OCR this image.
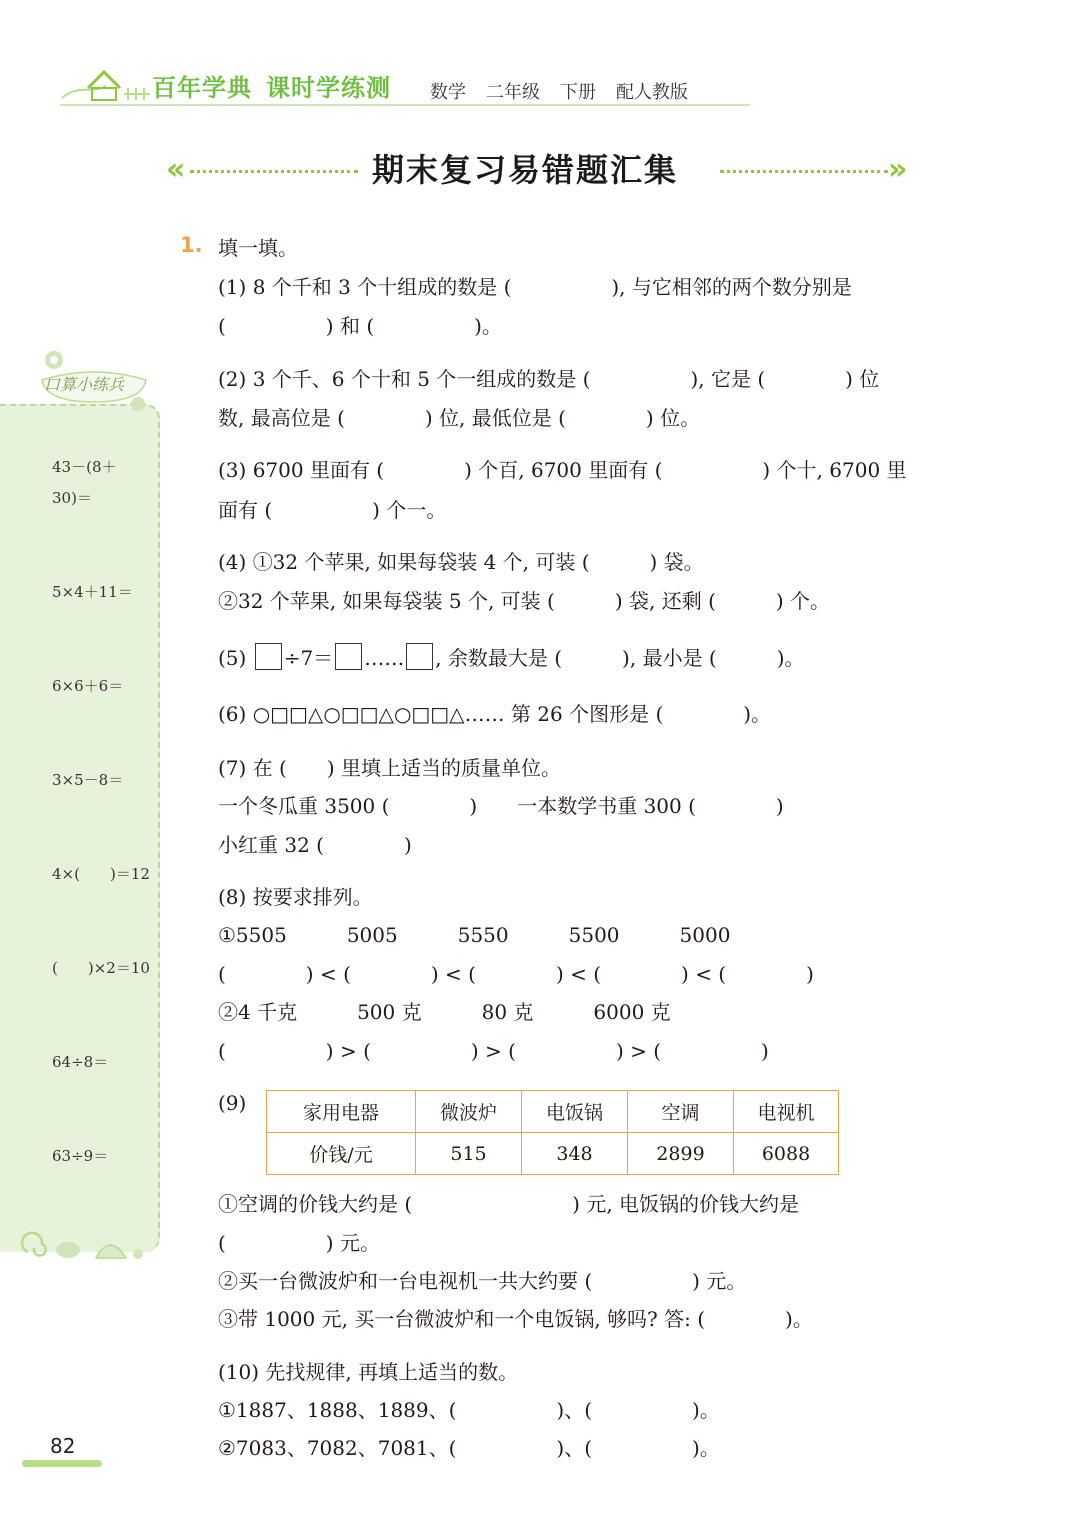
百年学典 课时学练测	数学 二年级 下册 配人教版
«	期末复习易错题汇集	»
口算小练兵
43－(8＋
30)＝
5×4＋11＝
6×6＋6＝
3×5－8＝
4×(　　)＝12
(　　)×2＝10
64÷8＝
63÷9＝
82
1. 填一填。
(1) 8 个千和 3 个十组成的数是 (　　　　　), 与它相邻的两个数分别是
(　　　　　) 和 (　　　　　)。
(2) 3 个千、6 个十和 5 个一组成的数是 (　　　　　), 它是 (　　　　) 位
数, 最高位是 (　　　　) 位, 最低位是 (　　　　) 位。
(3) 6700 里面有 (　　　　) 个百, 6700 里面有 (　　　　　) 个十, 6700 里
面有 (　　　　　) 个一。
(4) ①32 个苹果, 如果每袋装 4 个, 可装 (　　　) 袋。
②32 个苹果, 如果每袋装 5 个, 可装 (　　　) 袋, 还剩 (　　　) 个。
(5) ÷7＝ …… , 余数最大是 (　　　), 最小是 (　　　)。
(6) ○□□△○□□△○□□△…… 第 26 个图形是 (　　　　)。
(7) 在 (　　) 里填上适当的质量单位。
一个冬瓜重 3500 (　　　　)　　一本数学书重 300 (　　　　)
小红重 32 (　　　　)
(8) 按要求排列。
①5505　　　5005　　　5550　　　5500　　　5000
(　　　　) < (　　　　) < (　　　　) < (　　　　) < (　　　　)
②4 千克　　　500 克　　　80 克　　　6000 克
(　　　　　) > (　　　　　) > (　　　　　) > (　　　　　)
(9)	家用电器	微波炉	电饭锅	空调	电视机
价钱/元	515	348	2899	6088
①空调的价钱大约是 (　　　　　　　　) 元, 电饭锅的价钱大约是
(　　　　　) 元。
②买一台微波炉和一台电视机一共大约要 (　　　　　) 元。
③带 1000 元, 买一台微波炉和一个电饭锅, 够吗? 答: (　　　　)。
(10) 先找规律, 再填上适当的数。
①1887、1888、1889、(　　　　　)、(　　　　　)。
②7083、7082、7081、(　　　　　)、(　　　　　)。
